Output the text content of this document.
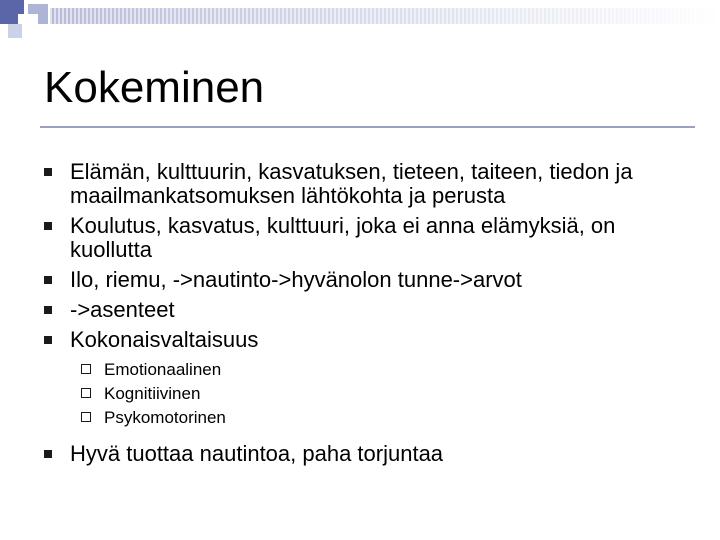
Kokeminen
Elämän, kulttuurin, kasvatuksen, tieteen, taiteen, tiedon ja maailmankatsomuksen lähtökohta ja perusta
Koulutus, kasvatus, kulttuuri, joka ei anna elämyksiä, on kuollutta
Ilo, riemu, ->nautinto->hyvänolon tunne->arvot
->asenteet
Kokonaisvaltaisuus
Emotionaalinen
Kognitiivinen
Psykomotorinen
Hyvä tuottaa nautintoa, paha torjuntaa
